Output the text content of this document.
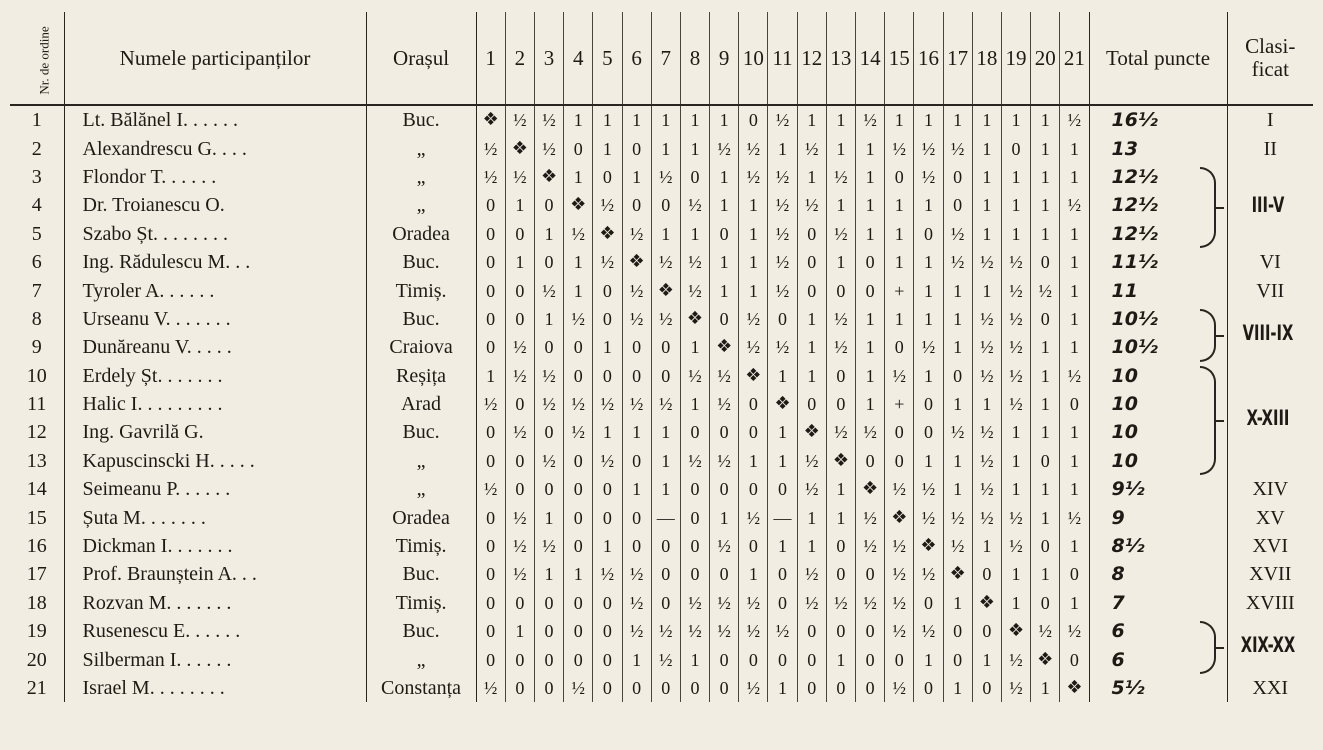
Nr. de ordine	Numele participanților	Orașul	1	2	3	4	5	6	7	8	9	10	11	12	13	14	15	16	17	18	19	20	21	Total puncte	Clasi-ficat
1	Lt. Bălănel I. . . . . .	Buc.	❖	½	½	1	1	1	1	1	1	0	½	1	1	½	1	1	1	1	1	1	½	16½	I
2	Alexandrescu G. . . .	„	½	❖	½	0	1	0	1	1	½	½	1	½	1	1	½	½	½	1	0	1	1	13	II
3	Flondor T. . . . . .	„	½	½	❖	1	0	1	½	0	1	½	½	1	½	1	0	½	0	1	1	1	1	12½	
4	Dr. Troianescu O.	„	0	1	0	❖	½	0	0	½	1	1	½	½	1	1	1	1	0	1	1	1	½	12½	
5	Szabo Șt. . . . . . . .	Oradea	0	0	1	½	❖	½	1	1	0	1	½	0	½	1	1	0	½	1	1	1	1	12½	
6	Ing. Rădulescu M. . .	Buc.	0	1	0	1	½	❖	½	½	1	1	½	0	1	0	1	1	½	½	½	0	1	11½	VI
7	Tyroler A. . . . . .	Timiș.	0	0	½	1	0	½	❖	½	1	1	½	0	0	0	+	1	1	1	½	½	1	11	VII
8	Urseanu V. . . . . . .	Buc.	0	0	1	½	0	½	½	❖	0	½	0	1	½	1	1	1	1	½	½	0	1	10½	
9	Dunăreanu V. . . . .	Craiova	0	½	0	0	1	0	0	1	❖	½	½	1	½	1	0	½	1	½	½	1	1	10½	
10	Erdely Șt. . . . . . .	Reșița	1	½	½	0	0	0	0	½	½	❖	1	1	0	1	½	1	0	½	½	1	½	10	
11	Halic I. . . . . . . . .	Arad	½	0	½	½	½	½	½	1	½	0	❖	0	0	1	+	0	1	1	½	1	0	10	
12	Ing. Gavrilă G.	Buc.	0	½	0	½	1	1	1	0	0	0	1	❖	½	½	0	0	½	½	1	1	1	10	
13	Kapuscinscki H. . . . .	„	0	0	½	0	½	0	1	½	½	1	1	½	❖	0	0	1	1	½	1	0	1	10	
14	Seimeanu P. . . . . .	„	½	0	0	0	0	1	1	0	0	0	0	½	1	❖	½	½	1	½	1	1	1	9½	XIV
15	Șuta M. . . . . . .	Oradea	0	½	1	0	0	0	—	0	1	½	—	1	1	½	❖	½	½	½	½	1	½	9	XV
16	Dickman I. . . . . . .	Timiș.	0	½	½	0	1	0	0	0	½	0	1	1	0	½	½	❖	½	1	½	0	1	8½	XVI
17	Prof. Braunștein A. . .	Buc.	0	½	1	1	½	½	0	0	0	1	0	½	0	0	½	½	❖	0	1	1	0	8	XVII
18	Rozvan M. . . . . . .	Timiș.	0	0	0	0	0	½	0	½	½	½	0	½	½	½	½	0	1	❖	1	0	1	7	XVIII
19	Rusenescu E. . . . . .	Buc.	0	1	0	0	0	½	½	½	½	½	½	0	0	0	½	½	0	0	❖	½	½	6	
20	Silberman I. . . . . .	„	0	0	0	0	0	1	½	1	0	0	0	0	1	0	0	1	0	1	½	❖	0	6	
21	Israel M. . . . . . . .	Constanța	½	0	0	½	0	0	0	0	0	½	1	0	0	0	½	0	1	0	½	1	❖	5½	XXI
III-V
VIII-IX
X-XIII
XIX-XX
